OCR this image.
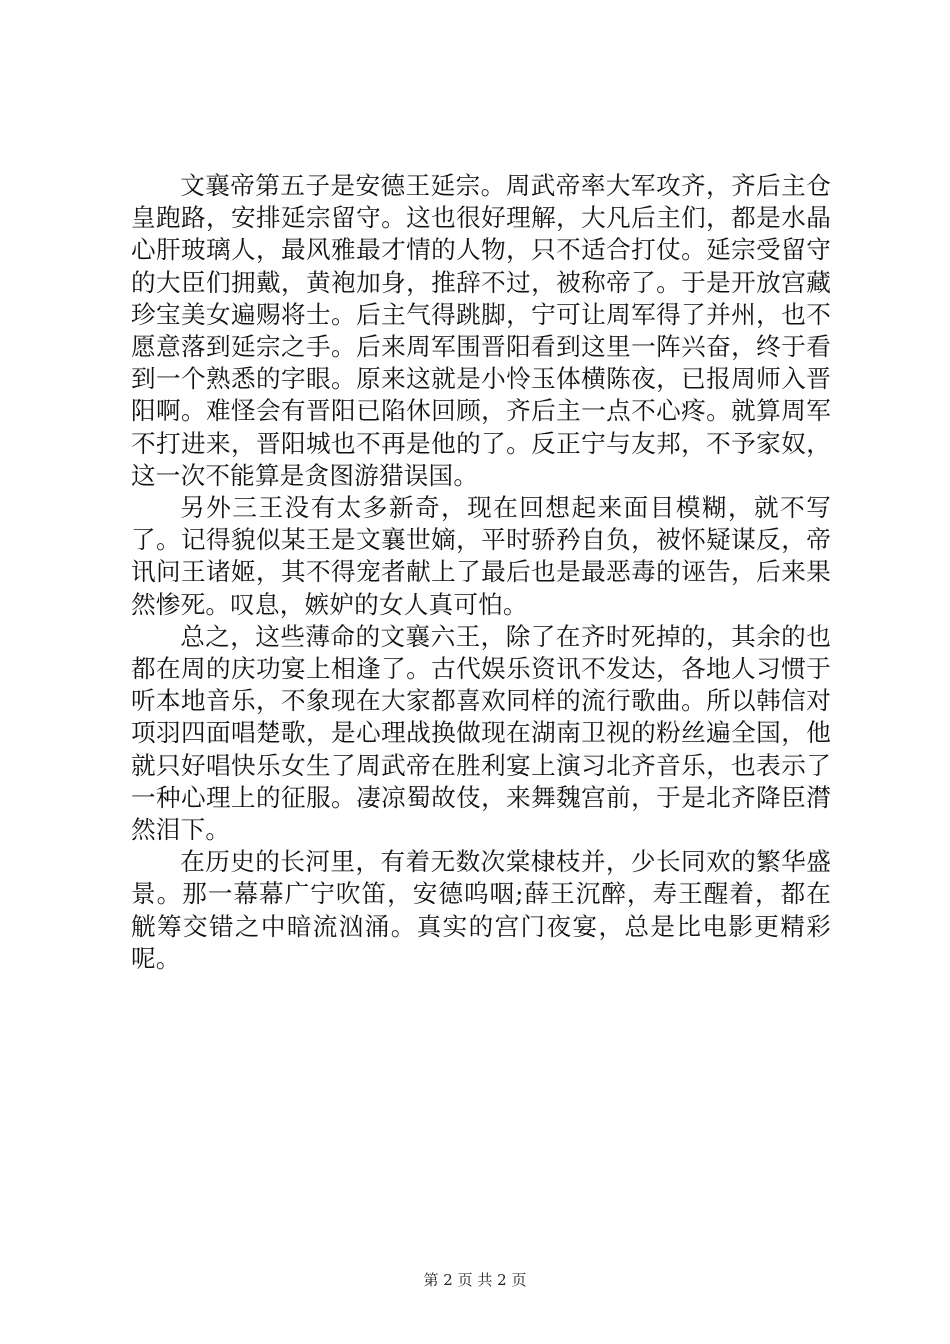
文襄帝第五子是安德王延宗。周武帝率大军攻齐，齐后主仓皇跑路，安排延宗留守。这也很好理解，大凡后主们，都是水晶心肝玻璃人，最风雅最才情的人物，只不适合打仗。延宗受留守的大臣们拥戴，黄袍加身，推辞不过，被称帝了。于是开放宫藏珍宝美女遍赐将士。后主气得跳脚，宁可让周军得了并州，也不愿意落到延宗之手。后来周军围晋阳看到这里一阵兴奋，终于看到一个熟悉的字眼。原来这就是小怜玉体横陈夜，已报周师入晋阳啊。难怪会有晋阳已陷休回顾，齐后主一点不心疼。就算周军不打进来，晋阳城也不再是他的了。反正宁与友邦，不予家奴，这一次不能算是贪图游猎误国。

另外三王没有太多新奇，现在回想起来面目模糊，就不写了。记得貌似某王是文襄世嫡，平时骄矜自负，被怀疑谋反，帝讯问王诸姬，其不得宠者献上了最后也是最恶毒的诬告，后来果然惨死。叹息，嫉妒的女人真可怕。

总之，这些薄命的文襄六王，除了在齐时死掉的，其余的也都在周的庆功宴上相逢了。古代娱乐资讯不发达，各地人习惯于听本地音乐，不象现在大家都喜欢同样的流行歌曲。所以韩信对项羽四面唱楚歌，是心理战换做现在湖南卫视的粉丝遍全国，他就只好唱快乐女生了周武帝在胜利宴上演习北齐音乐，也表示了一种心理上的征服。凄凉蜀故伎，来舞魏宫前，于是北齐降臣潸然泪下。

在历史的长河里，有着无数次棠棣枝并，少长同欢的繁华盛景。那一幕幕广宁吹笛，安德呜咽;薛王沉醉，寿王醒着，都在觥筹交错之中暗流汹涌。真实的宫门夜宴，总是比电影更精彩呢。

第 2 页 共 2 页
